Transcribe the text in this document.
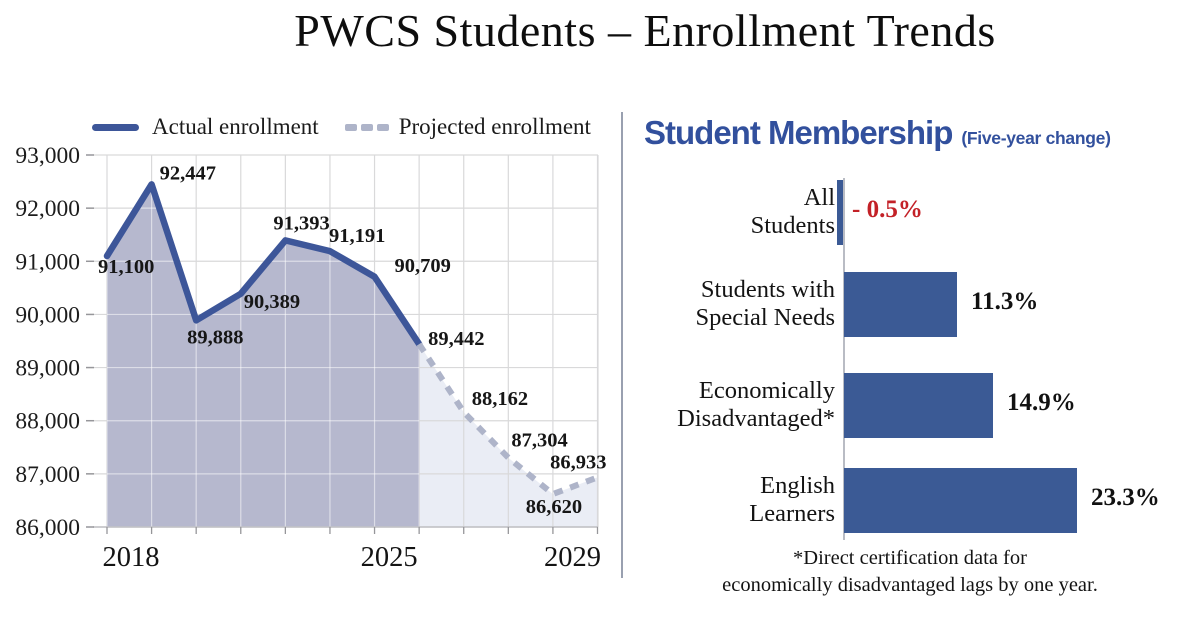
PWCS Students – Enrollment Trends
Actual enrollment	Projected enrollment
86,000
87,000
88,000
89,000
90,000
91,000
92,000
93,000
2018	2025	2029
91,100
92,447
89,888
90,389
91,393
91,191
90,709
89,442
88,162
87,304
86,620
86,933
Student Membership (Five-year change)
All
Students
- 0.5%
Students with
Special Needs
11.3%
Economically
Disadvantaged*
14.9%
English
Learners
23.3%
*Direct certification data for
economically disadvantaged lags by one year.
